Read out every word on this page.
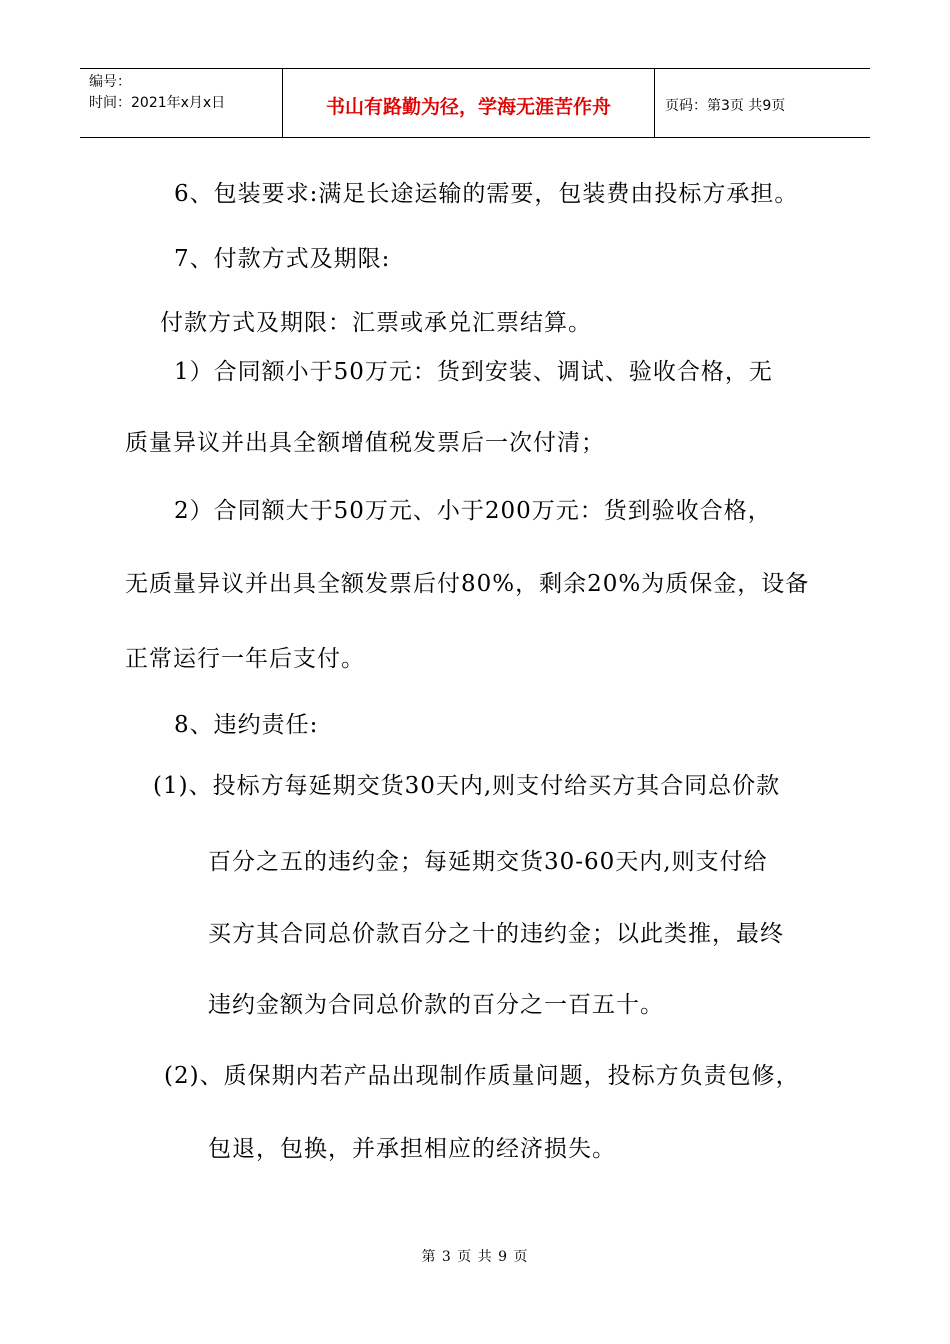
编号：
时间：2021年x月x日	书山有路勤为径，学海无涯苦作舟	页码：第3页 共9页
6、包装要求:满足长途运输的需要，包装费由投标方承担。
7、付款方式及期限:
付款方式及期限：汇票或承兑汇票结算。
1）合同额小于50万元：货到安装、调试、验收合格，无
质量异议并出具全额增值税发票后一次付清；
2）合同额大于50万元、小于200万元：货到验收合格，
无质量异议并出具全额发票后付80%，剩余20%为质保金，设备
正常运行一年后支付。
8、违约责任:
(1)、投标方每延期交货30天内,则支付给买方其合同总价款
百分之五的违约金；每延期交货30-60天内,则支付给
买方其合同总价款百分之十的违约金；以此类推，最终
违约金额为合同总价款的百分之一百五十。
(2)、质保期内若产品出现制作质量问题，投标方负责包修，
包退，包换，并承担相应的经济损失。
第 3 页 共 9 页
